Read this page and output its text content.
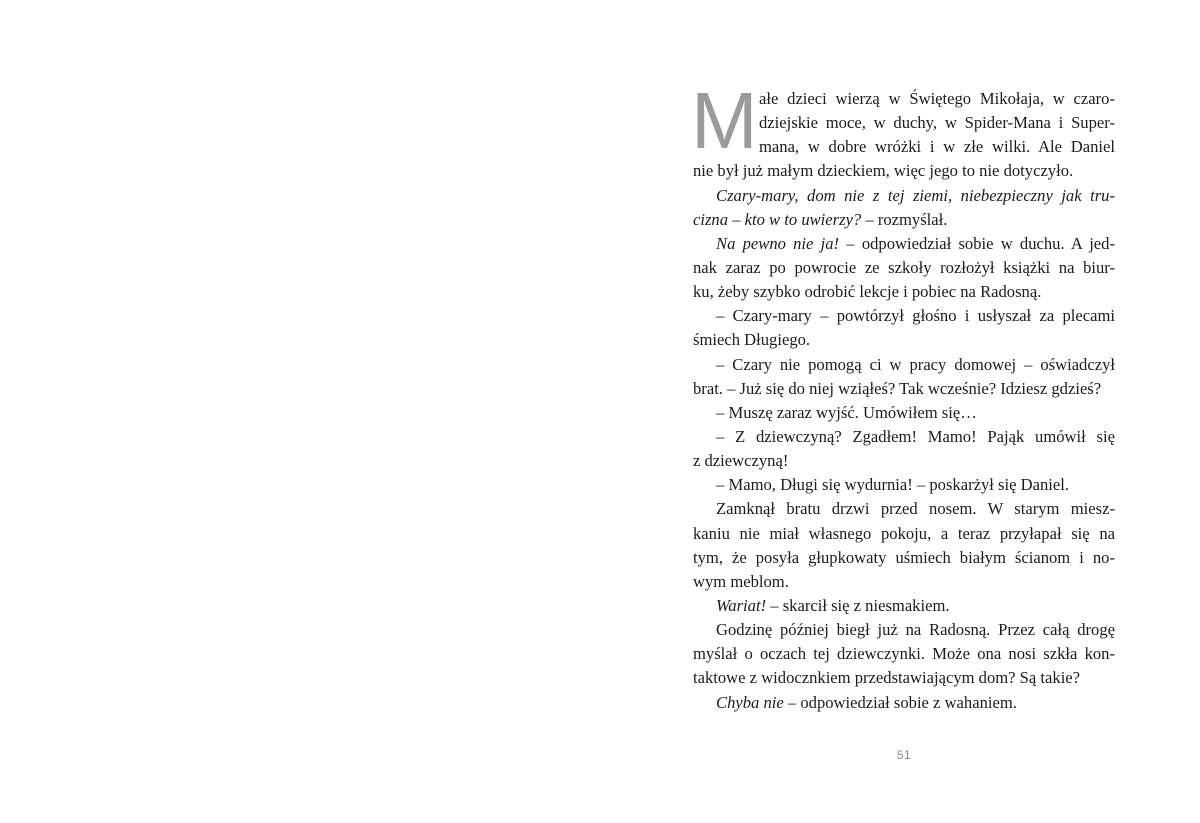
M ałe dzieci wierzą w Świętego Mikołaja, w czaro-
dziejskie moce, w duchy, w Spider-Mana i Super-
mana, w dobre wróżki i w złe wilki. Ale Daniel
nie był już małym dzieckiem, więc jego to nie dotyczyło.
Czary-mary, dom nie z tej ziemi, niebezpieczny jak tru-
cizna – kto w to uwierzy? – rozmyślał.
Na pewno nie ja! – odpowiedział sobie w duchu. A jed-
nak zaraz po powrocie ze szkoły rozłożył książki na biur-
ku, żeby szybko odrobić lekcje i pobiec na Radosną.
– Czary-mary – powtórzył głośno i usłyszał za plecami
śmiech Długiego.
– Czary nie pomogą ci w pracy domowej – oświadczył
brat. – Już się do niej wziąłeś? Tak wcześnie? Idziesz gdzieś?
– Muszę zaraz wyjść. Umówiłem się…
– Z dziewczyną? Zgadłem! Mamo! Pająk umówił się
z dziewczyną!
– Mamo, Długi się wydurnia! – poskarżył się Daniel.
Zamknął bratu drzwi przed nosem. W starym miesz-
kaniu nie miał własnego pokoju, a teraz przyłapał się na
tym, że posyła głupkowaty uśmiech białym ścianom i no-
wym meblom.
Wariat! – skarcił się z niesmakiem.
Godzinę później biegł już na Radosną. Przez całą drogę
myślał o oczach tej dziewczynki. Może ona nosi szkła kon-
taktowe z widocznkiem przedstawiającym dom? Są takie?
Chyba nie – odpowiedział sobie z wahaniem.
51
